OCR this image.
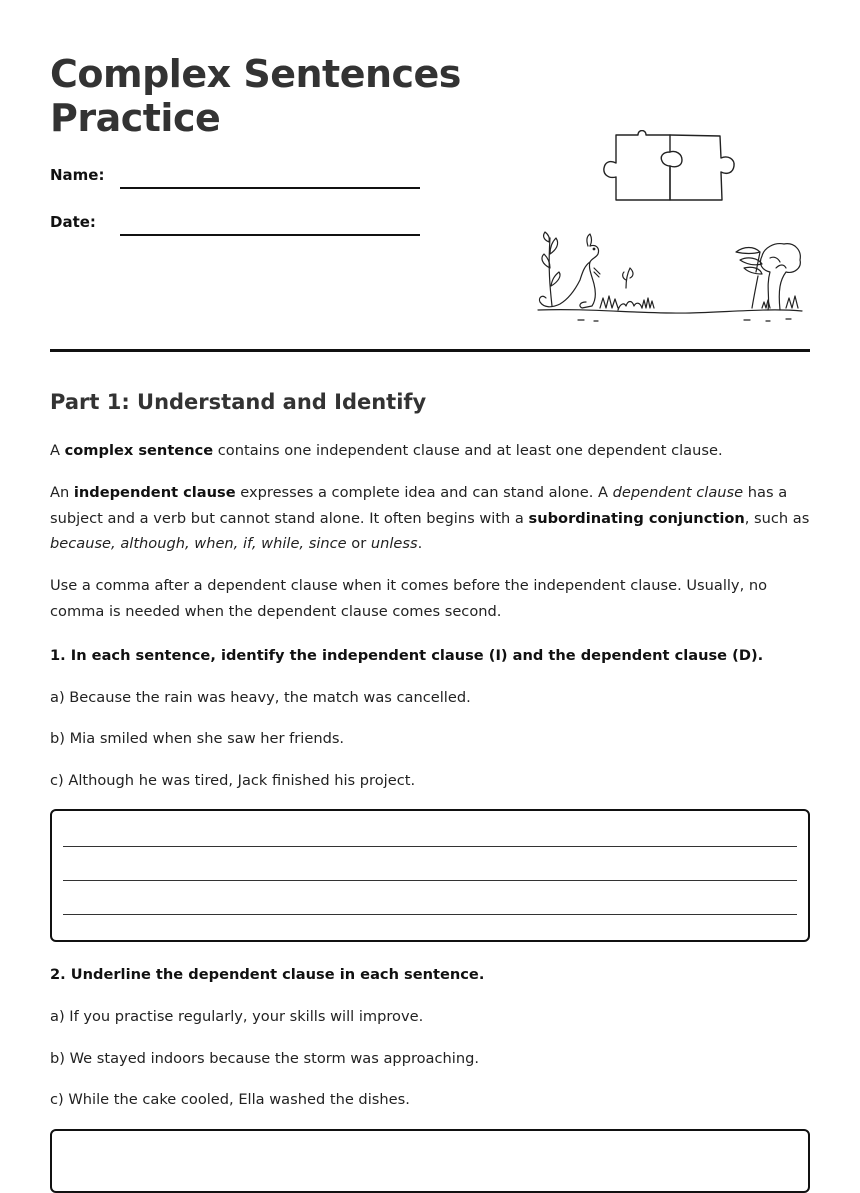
Complex Sentences
Practice
Name:
Date:
Part 1: Understand and Identify

A complex sentence contains one independent clause and at least one dependent clause.

An independent clause expresses a complete idea and can stand alone. A dependent clause has a subject and a verb but cannot stand alone. It often begins with a subordinating conjunction, such as because, although, when, if, while, since or unless.

Use a comma after a dependent clause when it comes before the independent clause. Usually, no comma is needed when the dependent clause comes second.

1. In each sentence, identify the independent clause (I) and the dependent clause (D).
a) Because the rain was heavy, the match was cancelled.
b) Mia smiled when she saw her friends.
c) Although he was tired, Jack finished his project.
2. Underline the dependent clause in each sentence.
a) If you practise regularly, your skills will improve.
b) We stayed indoors because the storm was approaching.
c) While the cake cooled, Ella washed the dishes.
